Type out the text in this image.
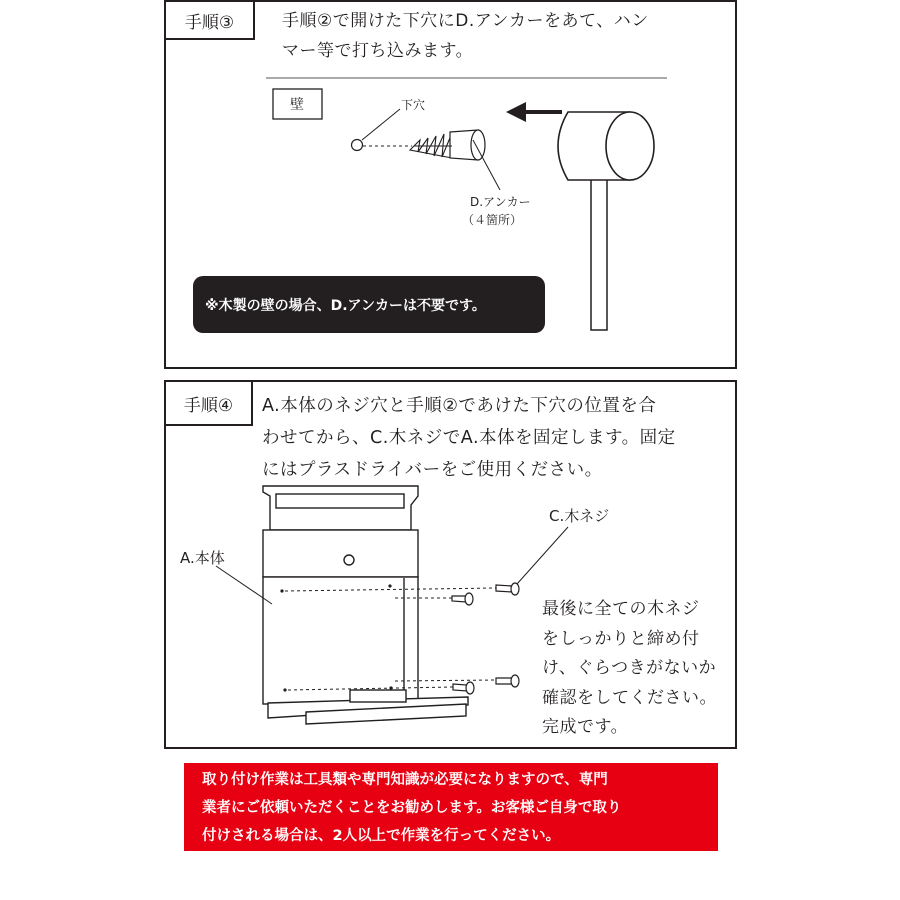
手順③	手順②で開けた下穴にD.アンカーをあて、ハン
マー等で打ち込みます。
壁	下穴
D.アンカー
（４箇所）
※木製の壁の場合、D.アンカーは不要です。
手順④	A.本体のネジ穴と手順②であけた下穴の位置を合
わせてから、C.木ネジでA.本体を固定します。固定
にはプラスドライバーをご使用ください。
最後に全ての木ネジ
をしっかりと締め付
け、ぐらつきがないか
確認をしてください。
完成です。
A.本体
C.木ネジ
取り付け作業は工具類や専門知識が必要になりますので、専門
業者にご依頼いただくことをお勧めします。お客様ご自身で取り
付けされる場合は、2人以上で作業を行ってください。
